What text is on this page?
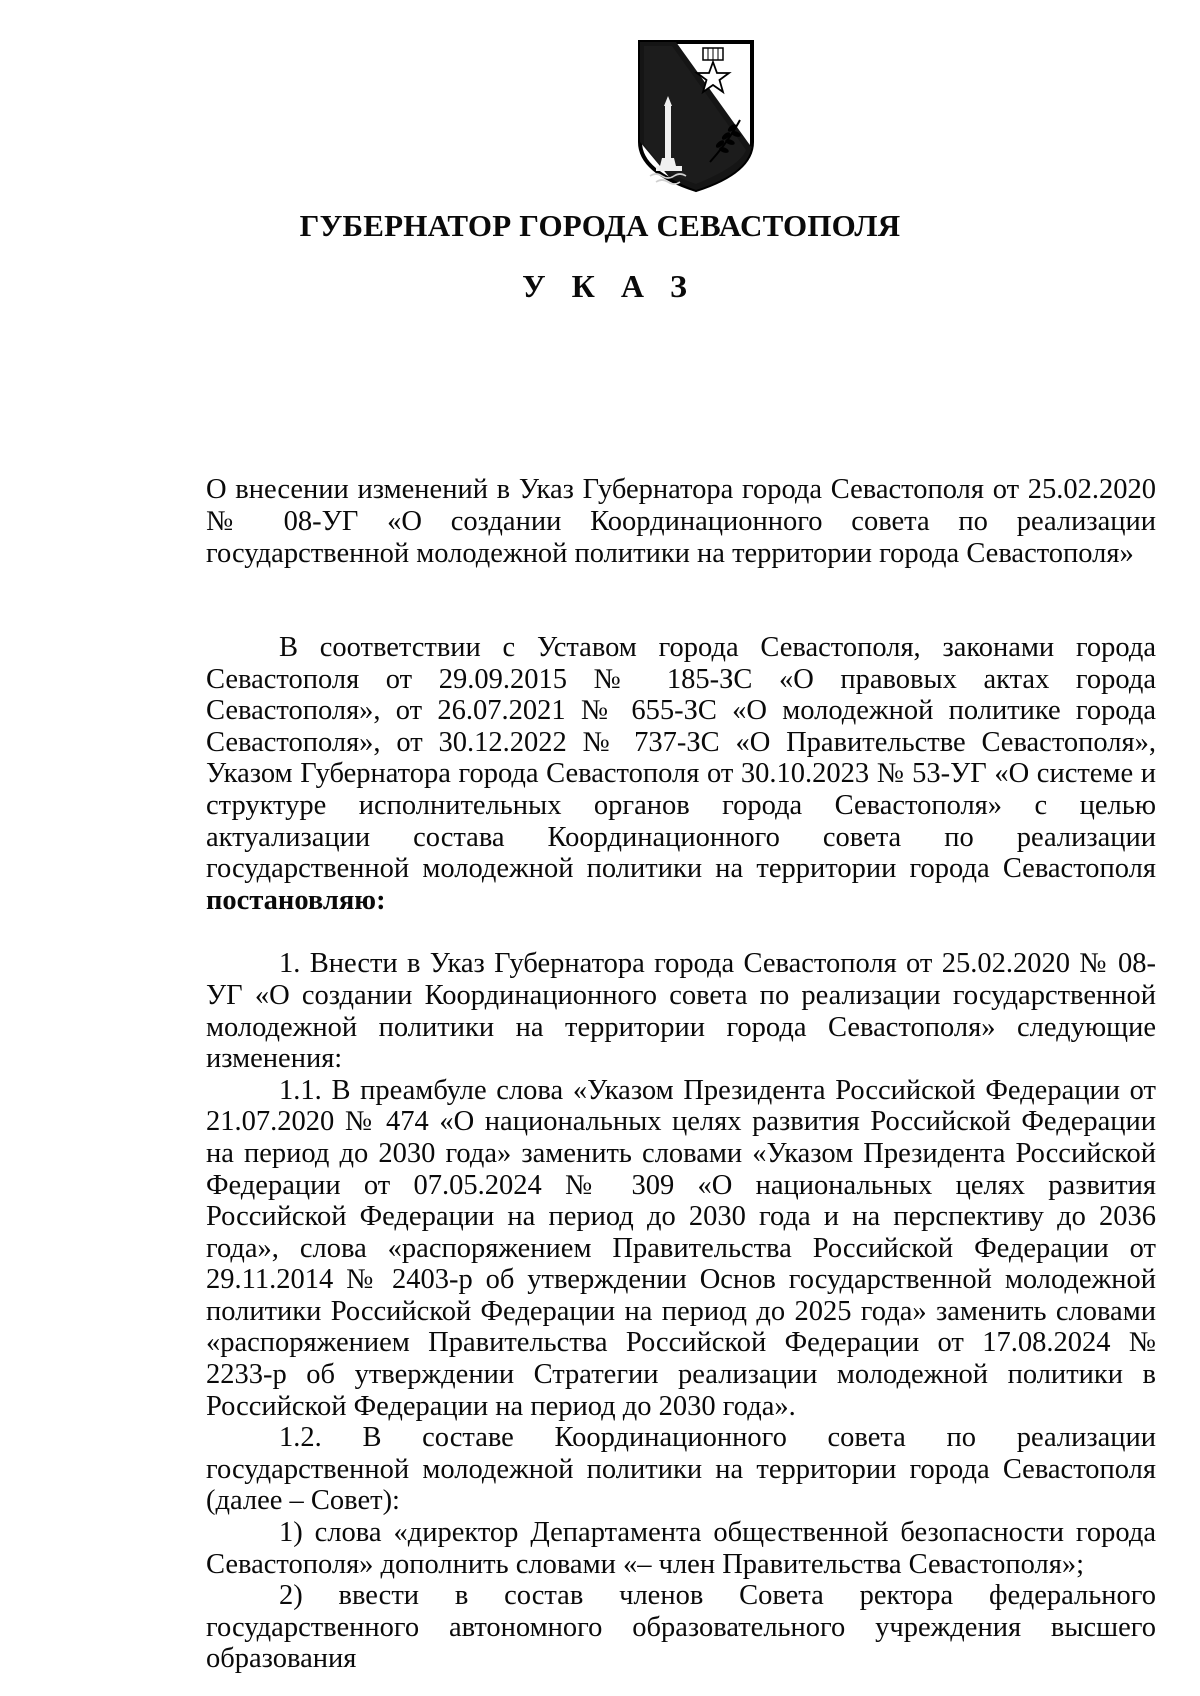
ГУБЕРНАТОР ГОРОДА СЕВАСТОПОЛЯ
У К А З
О внесении изменений в Указ Губернатора города Севастополя от 25.02.2020 № 08-УГ «О создании Координационного совета по реализации государственной молодежной политики на территории города Севастополя»

В соответствии с Уставом города Севастополя, законами города Севастополя от 29.09.2015 № 185-ЗС «О правовых актах города Севастополя», от 26.07.2021 № 655-ЗС «О молодежной политике города Севастополя», от 30.12.2022 № 737-ЗС «О Правительстве Севастополя», Указом Губернатора города Севастополя от 30.10.2023 № 53-УГ «О системе и структуре исполнительных органов города Севастополя» с целью актуализации состава Координационного совета по реализации государственной молодежной политики на территории города Севастополя постановляю:

1. Внести в Указ Губернатора города Севастополя от 25.02.2020 № 08-УГ «О создании Координационного совета по реализации государственной молодежной политики на территории города Севастополя» следующие изменения:

1.1. В преамбуле слова «Указом Президента Российской Федерации от 21.07.2020 № 474 «О национальных целях развития Российской Федерации на период до 2030 года» заменить словами «Указом Президента Российской Федерации от 07.05.2024 № 309 «О национальных целях развития Российской Федерации на период до 2030 года и на перспективу до 2036 года», слова «распоряжением Правительства Российской Федерации от 29.11.2014 № 2403-р об утверждении Основ государственной молодежной политики Российской Федерации на период до 2025 года» заменить словами «распоряжением Правительства Российской Федерации от 17.08.2024 № 2233-р об утверждении Стратегии реализации молодежной политики в Российской Федерации на период до 2030 года».

1.2. В составе Координационного совета по реализации государственной молодежной политики на территории города Севастополя (далее – Совет):

1) слова «директор Департамента общественной безопасности города Севастополя» дополнить словами «– член Правительства Севастополя»;

2) ввести в состав членов Совета ректора федерального государственного автономного образовательного учреждения высшего образования
